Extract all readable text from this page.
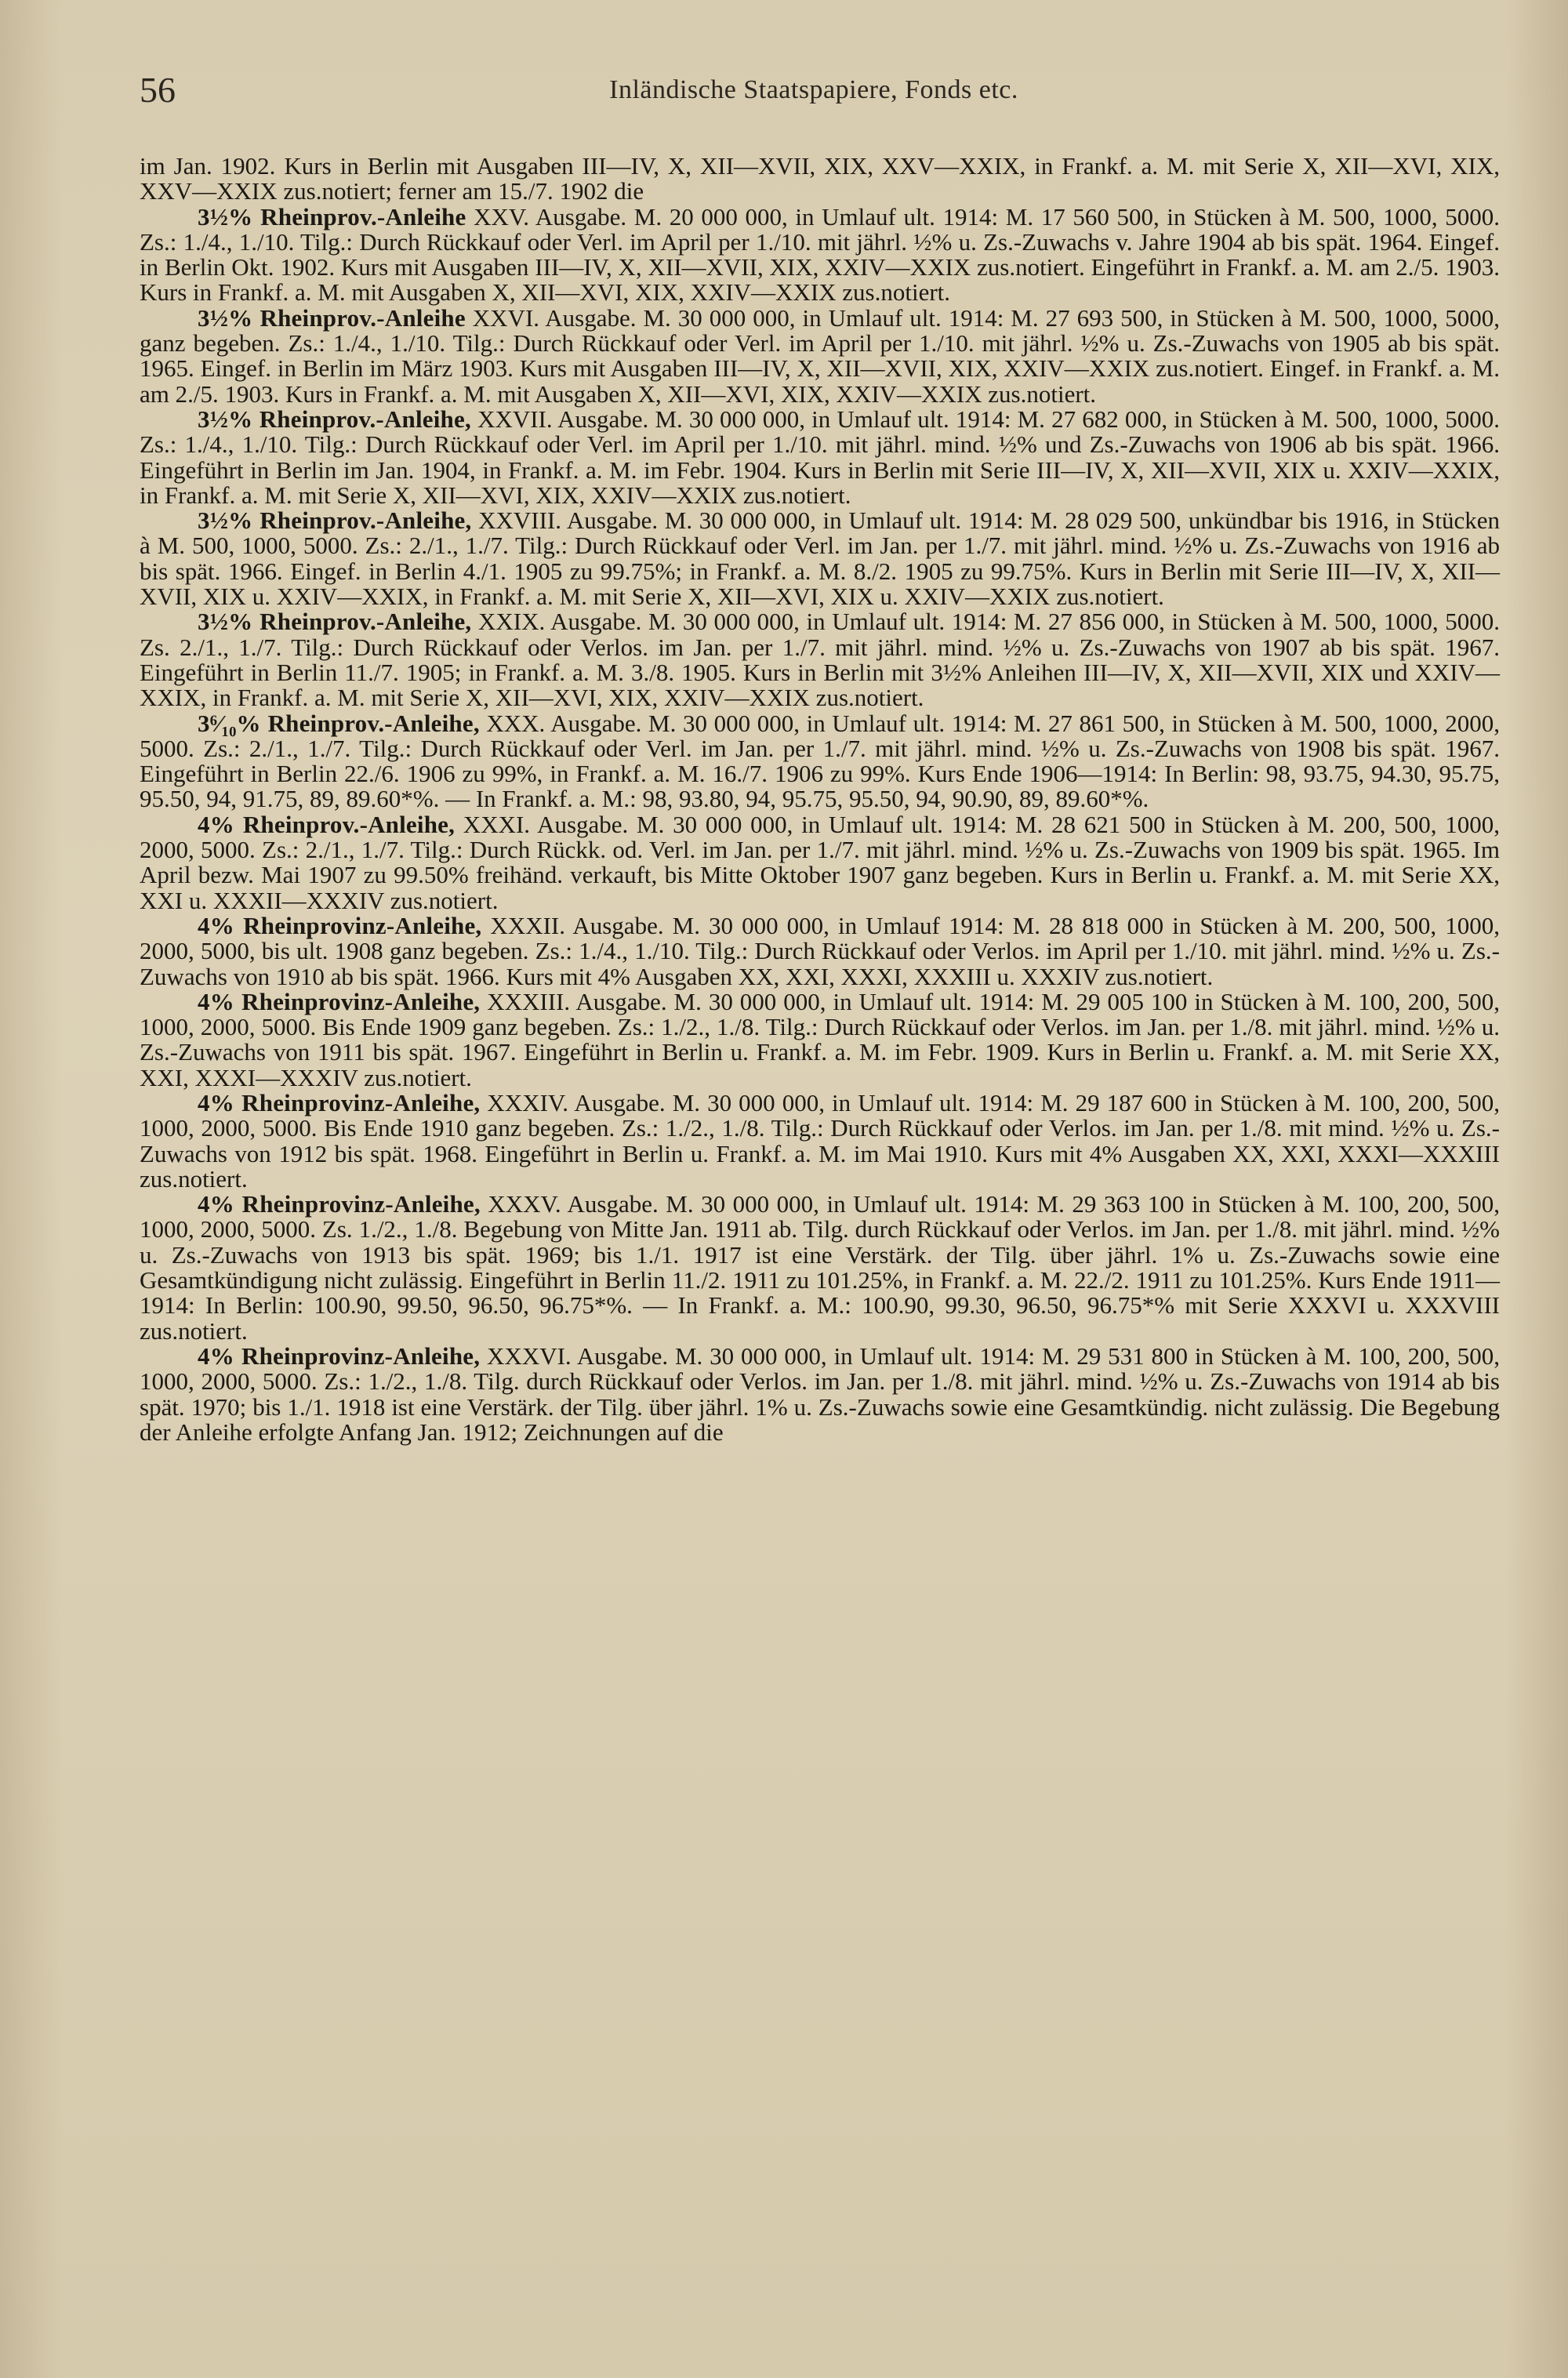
56	Inländische Staatspapiere, Fonds etc.

im Jan. 1902. Kurs in Berlin mit Ausgaben III—IV, X, XII—XVII, XIX, XXV—XXIX, in Frankf. a. M. mit Serie X, XII—XVI, XIX, XXV—XXIX zus.notiert; ferner am 15./7. 1902 die

3½% Rheinprov.-Anleihe XXV. Ausgabe. M. 20 000 000, in Umlauf ult. 1914: M. 17 560 500, in Stücken à M. 500, 1000, 5000. Zs.: 1./4., 1./10. Tilg.: Durch Rückkauf oder Verl. im April per 1./10. mit jährl. ½% u. Zs.-Zuwachs v. Jahre 1904 ab bis spät. 1964. Eingef. in Berlin Okt. 1902. Kurs mit Ausgaben III—IV, X, XII—XVII, XIX, XXIV—XXIX zus.notiert. Eingeführt in Frankf. a. M. am 2./5. 1903. Kurs in Frankf. a. M. mit Ausgaben X, XII—XVI, XIX, XXIV—XXIX zus.notiert.

3½% Rheinprov.-Anleihe XXVI. Ausgabe. M. 30 000 000, in Umlauf ult. 1914: M. 27 693 500, in Stücken à M. 500, 1000, 5000, ganz begeben. Zs.: 1./4., 1./10. Tilg.: Durch Rückkauf oder Verl. im April per 1./10. mit jährl. ½% u. Zs.-Zuwachs von 1905 ab bis spät. 1965. Eingef. in Berlin im März 1903. Kurs mit Ausgaben III—IV, X, XII—XVII, XIX, XXIV—XXIX zus.notiert. Eingef. in Frankf. a. M. am 2./5. 1903. Kurs in Frankf. a. M. mit Ausgaben X, XII—XVI, XIX, XXIV—XXIX zus.notiert.

3½% Rheinprov.-Anleihe, XXVII. Ausgabe. M. 30 000 000, in Umlauf ult. 1914: M. 27 682 000, in Stücken à M. 500, 1000, 5000. Zs.: 1./4., 1./10. Tilg.: Durch Rückkauf oder Verl. im April per 1./10. mit jährl. mind. ½% und Zs.-Zuwachs von 1906 ab bis spät. 1966. Eingeführt in Berlin im Jan. 1904, in Frankf. a. M. im Febr. 1904. Kurs in Berlin mit Serie III—IV, X, XII—XVII, XIX u. XXIV—XXIX, in Frankf. a. M. mit Serie X, XII—XVI, XIX, XXIV—XXIX zus.notiert.

3½% Rheinprov.-Anleihe, XXVIII. Ausgabe. M. 30 000 000, in Umlauf ult. 1914: M. 28 029 500, unkündbar bis 1916, in Stücken à M. 500, 1000, 5000. Zs.: 2./1., 1./7. Tilg.: Durch Rückkauf oder Verl. im Jan. per 1./7. mit jährl. mind. ½% u. Zs.-Zuwachs von 1916 ab bis spät. 1966. Eingef. in Berlin 4./1. 1905 zu 99.75%; in Frankf. a. M. 8./2. 1905 zu 99.75%. Kurs in Berlin mit Serie III—IV, X, XII—XVII, XIX u. XXIV—XXIX, in Frankf. a. M. mit Serie X, XII—XVI, XIX u. XXIV—XXIX zus.notiert.

3½% Rheinprov.-Anleihe, XXIX. Ausgabe. M. 30 000 000, in Umlauf ult. 1914: M. 27 856 000, in Stücken à M. 500, 1000, 5000. Zs. 2./1., 1./7. Tilg.: Durch Rückkauf oder Verlos. im Jan. per 1./7. mit jährl. mind. ½% u. Zs.-Zuwachs von 1907 ab bis spät. 1967. Eingeführt in Berlin 11./7. 1905; in Frankf. a. M. 3./8. 1905. Kurs in Berlin mit 3½% Anleihen III—IV, X, XII—XVII, XIX und XXIV—XXIX, in Frankf. a. M. mit Serie X, XII—XVI, XIX, XXIV—XXIX zus.notiert.

3⁶⁄₁₀% Rheinprov.-Anleihe, XXX. Ausgabe. M. 30 000 000, in Umlauf ult. 1914: M. 27 861 500, in Stücken à M. 500, 1000, 2000, 5000. Zs.: 2./1., 1./7. Tilg.: Durch Rückkauf oder Verl. im Jan. per 1./7. mit jährl. mind. ½% u. Zs.-Zuwachs von 1908 bis spät. 1967. Eingeführt in Berlin 22./6. 1906 zu 99%, in Frankf. a. M. 16./7. 1906 zu 99%. Kurs Ende 1906—1914: In Berlin: 98, 93.75, 94.30, 95.75, 95.50, 94, 91.75, 89, 89.60*%. — In Frankf. a. M.: 98, 93.80, 94, 95.75, 95.50, 94, 90.90, 89, 89.60*%.

4% Rheinprov.-Anleihe, XXXI. Ausgabe. M. 30 000 000, in Umlauf ult. 1914: M. 28 621 500 in Stücken à M. 200, 500, 1000, 2000, 5000. Zs.: 2./1., 1./7. Tilg.: Durch Rückk. od. Verl. im Jan. per 1./7. mit jährl. mind. ½% u. Zs.-Zuwachs von 1909 bis spät. 1965. Im April bezw. Mai 1907 zu 99.50% freihänd. verkauft, bis Mitte Oktober 1907 ganz begeben. Kurs in Berlin u. Frankf. a. M. mit Serie XX, XXI u. XXXII—XXXIV zus.notiert.

4% Rheinprovinz-Anleihe, XXXII. Ausgabe. M. 30 000 000, in Umlauf 1914: M. 28 818 000 in Stücken à M. 200, 500, 1000, 2000, 5000, bis ult. 1908 ganz begeben. Zs.: 1./4., 1./10. Tilg.: Durch Rückkauf oder Verlos. im April per 1./10. mit jährl. mind. ½% u. Zs.-Zuwachs von 1910 ab bis spät. 1966. Kurs mit 4% Ausgaben XX, XXI, XXXI, XXXIII u. XXXIV zus.notiert.

4% Rheinprovinz-Anleihe, XXXIII. Ausgabe. M. 30 000 000, in Umlauf ult. 1914: M. 29 005 100 in Stücken à M. 100, 200, 500, 1000, 2000, 5000. Bis Ende 1909 ganz begeben. Zs.: 1./2., 1./8. Tilg.: Durch Rückkauf oder Verlos. im Jan. per 1./8. mit jährl. mind. ½% u. Zs.-Zuwachs von 1911 bis spät. 1967. Eingeführt in Berlin u. Frankf. a. M. im Febr. 1909. Kurs in Berlin u. Frankf. a. M. mit Serie XX, XXI, XXXI—XXXIV zus.notiert.

4% Rheinprovinz-Anleihe, XXXIV. Ausgabe. M. 30 000 000, in Umlauf ult. 1914: M. 29 187 600 in Stücken à M. 100, 200, 500, 1000, 2000, 5000. Bis Ende 1910 ganz begeben. Zs.: 1./2., 1./8. Tilg.: Durch Rückkauf oder Verlos. im Jan. per 1./8. mit mind. ½% u. Zs.-Zuwachs von 1912 bis spät. 1968. Eingeführt in Berlin u. Frankf. a. M. im Mai 1910. Kurs mit 4% Ausgaben XX, XXI, XXXI—XXXIII zus.notiert.

4% Rheinprovinz-Anleihe, XXXV. Ausgabe. M. 30 000 000, in Umlauf ult. 1914: M. 29 363 100 in Stücken à M. 100, 200, 500, 1000, 2000, 5000. Zs. 1./2., 1./8. Begebung von Mitte Jan. 1911 ab. Tilg. durch Rückkauf oder Verlos. im Jan. per 1./8. mit jährl. mind. ½% u. Zs.-Zuwachs von 1913 bis spät. 1969; bis 1./1. 1917 ist eine Verstärk. der Tilg. über jährl. 1% u. Zs.-Zuwachs sowie eine Gesamtkündigung nicht zulässig. Eingeführt in Berlin 11./2. 1911 zu 101.25%, in Frankf. a. M. 22./2. 1911 zu 101.25%. Kurs Ende 1911—1914: In Berlin: 100.90, 99.50, 96.50, 96.75*%. — In Frankf. a. M.: 100.90, 99.30, 96.50, 96.75*% mit Serie XXXVI u. XXXVIII zus.notiert.

4% Rheinprovinz-Anleihe, XXXVI. Ausgabe. M. 30 000 000, in Umlauf ult. 1914: M. 29 531 800 in Stücken à M. 100, 200, 500, 1000, 2000, 5000. Zs.: 1./2., 1./8. Tilg. durch Rückkauf oder Verlos. im Jan. per 1./8. mit jährl. mind. ½% u. Zs.-Zuwachs von 1914 ab bis spät. 1970; bis 1./1. 1918 ist eine Verstärk. der Tilg. über jährl. 1% u. Zs.-Zuwachs sowie eine Gesamtkündig. nicht zulässig. Die Begebung der Anleihe erfolgte Anfang Jan. 1912; Zeichnungen auf die
